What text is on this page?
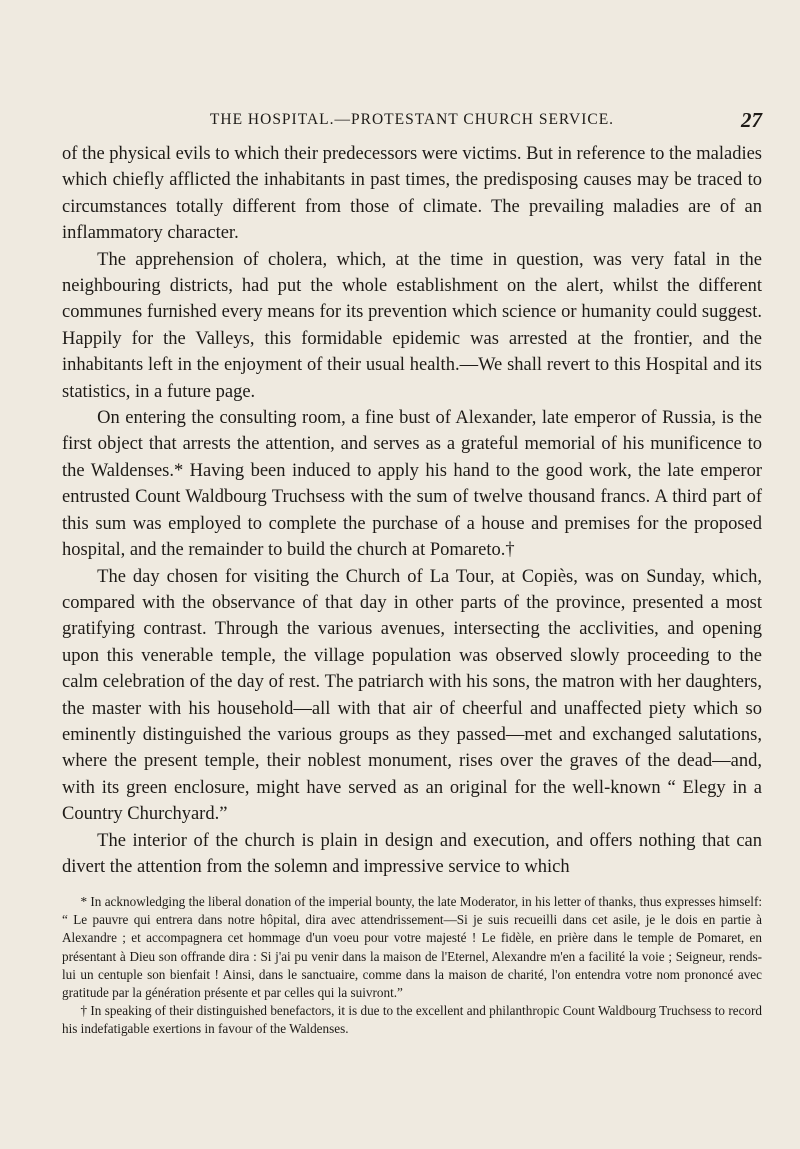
THE HOSPITAL.—PROTESTANT CHURCH SERVICE.	27

of the physical evils to which their predecessors were victims. But in reference to the maladies which chiefly afflicted the inhabitants in past times, the predisposing causes may be traced to circumstances totally different from those of climate. The prevailing maladies are of an inflammatory character.

The apprehension of cholera, which, at the time in question, was very fatal in the neighbouring districts, had put the whole establishment on the alert, whilst the different communes furnished every means for its prevention which science or humanity could suggest. Happily for the Valleys, this formidable epidemic was arrested at the frontier, and the inhabitants left in the enjoyment of their usual health.—We shall revert to this Hospital and its statistics, in a future page.

On entering the consulting room, a fine bust of Alexander, late emperor of Russia, is the first object that arrests the attention, and serves as a grateful memorial of his munificence to the Waldenses.* Having been induced to apply his hand to the good work, the late emperor entrusted Count Waldbourg Truchsess with the sum of twelve thousand francs. A third part of this sum was employed to complete the purchase of a house and premises for the proposed hospital, and the remainder to build the church at Pomareto.†

The day chosen for visiting the Church of La Tour, at Copiès, was on Sunday, which, compared with the observance of that day in other parts of the province, presented a most gratifying contrast. Through the various avenues, intersecting the acclivities, and opening upon this venerable temple, the village population was observed slowly proceeding to the calm celebration of the day of rest. The patriarch with his sons, the matron with her daughters, the master with his household—all with that air of cheerful and unaffected piety which so eminently distinguished the various groups as they passed—met and exchanged salutations, where the present temple, their noblest monument, rises over the graves of the dead—and, with its green enclosure, might have served as an original for the well-known “ Elegy in a Country Churchyard.”

The interior of the church is plain in design and execution, and offers nothing that can divert the attention from the solemn and impressive service to which

* In acknowledging the liberal donation of the imperial bounty, the late Moderator, in his letter of thanks, thus expresses himself: “ Le pauvre qui entrera dans notre hôpital, dira avec attendrissement—Si je suis recueilli dans cet asile, je le dois en partie à Alexandre ; et accompagnera cet hommage d'un voeu pour votre majesté ! Le fidèle, en prière dans le temple de Pomaret, en présentant à Dieu son offrande dira : Si j'ai pu venir dans la maison de l'Eternel, Alexandre m'en a facilité la voie ; Seigneur, rends-lui un centuple son bienfait ! Ainsi, dans le sanctuaire, comme dans la maison de charité, l'on entendra votre nom prononcé avec gratitude par la génération présente et par celles qui la suivront.”

† In speaking of their distinguished benefactors, it is due to the excellent and philanthropic Count Waldbourg Truchsess to record his indefatigable exertions in favour of the Waldenses.
